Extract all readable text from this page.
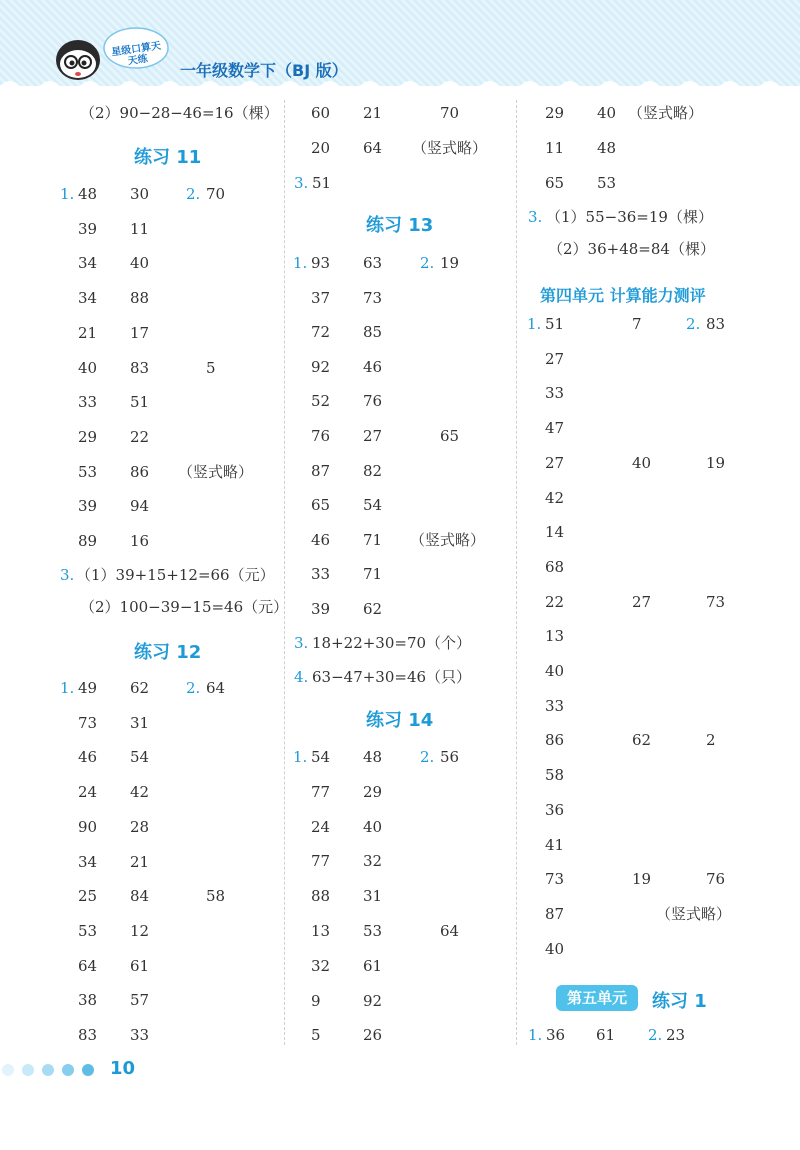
星级口算天天练
一年级数学下（BJ 版）
（2）90−28−46=16（棵）
练习 11
1.	2.
48 30	70
39 11
34 40
34 88
21 17
40 83	5
33 51
29 22
53 86 （竖式略）
39 94
89 16
3. （1）39+15+12=66（元）
（2）100−39−15=46（元）
练习 12
1.	2.
49 62	64
73 31
46 54
24 42
90 28
34 21
25 84	58
53 12
64 61
38 57
83 33
60 21	70
20 64 （竖式略）
3. 51
练习 13
1.	2.
93 63	19
37 73
72 85
92 46
52 76
76 27	65
87 82
65 54
46 71 （竖式略）
33 71
39 62
3. 18+22+30=70（个）
4. 63−47+30=46（只）
练习 14
1.	2.
54 48	56
77 29
24 40
77 32
88 31
13 53	64
32 61
9	92
5	26
29 40 （竖式略）
11 48
65 53
3. （1）55−36=19（棵）
（2）36+48=84（棵）
第四单元 计算能力测评
1.	2.
51	7	83
27
33
47
27	40	19
42
14
68
22	27	73
13
40
33
86	62	2
58
36
41
73	19	76
87	（竖式略）
40
第五单元	练习 1
1. 36 61 2. 23
10
